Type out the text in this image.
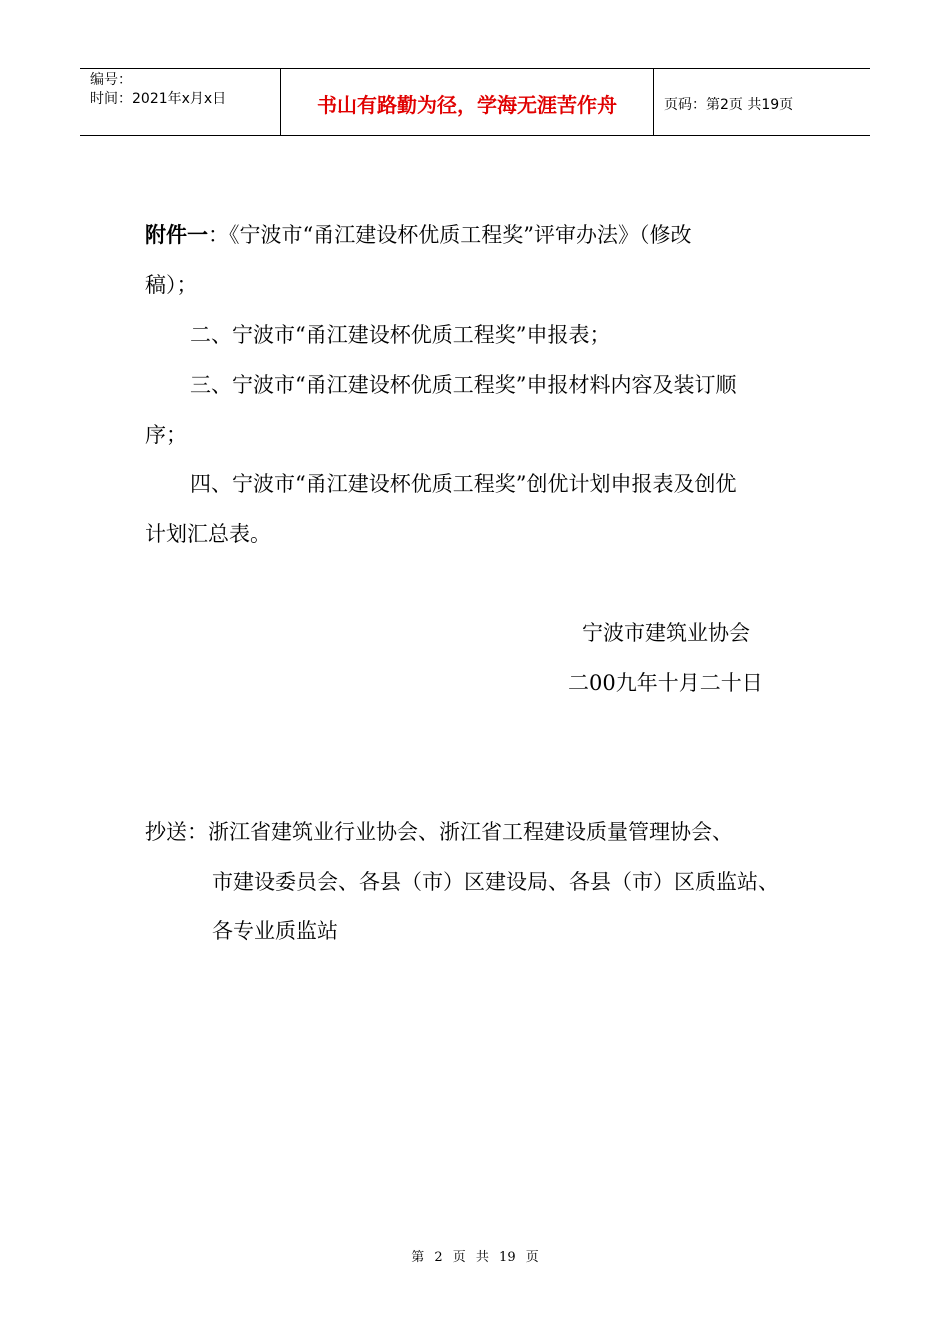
编号：
时间：2021年x月x日	书山有路勤为径，学海无涯苦作舟	页码：第2页 共19页
附件一：《宁波市“甬江建设杯优质工程奖”评审办法》（修改
稿）；
二、宁波市“甬江建设杯优质工程奖”申报表；
三、宁波市“甬江建设杯优质工程奖”申报材料内容及装订顺
序；
四、宁波市“甬江建设杯优质工程奖”创优计划申报表及创优
计划汇总表。
宁波市建筑业协会
二00九年十月二十日
抄送：浙江省建筑业行业协会、浙江省工程建设质量管理协会、
市建设委员会、各县（市）区建设局、各县（市）区质监站、
各专业质监站
第 2 页 共 19 页
